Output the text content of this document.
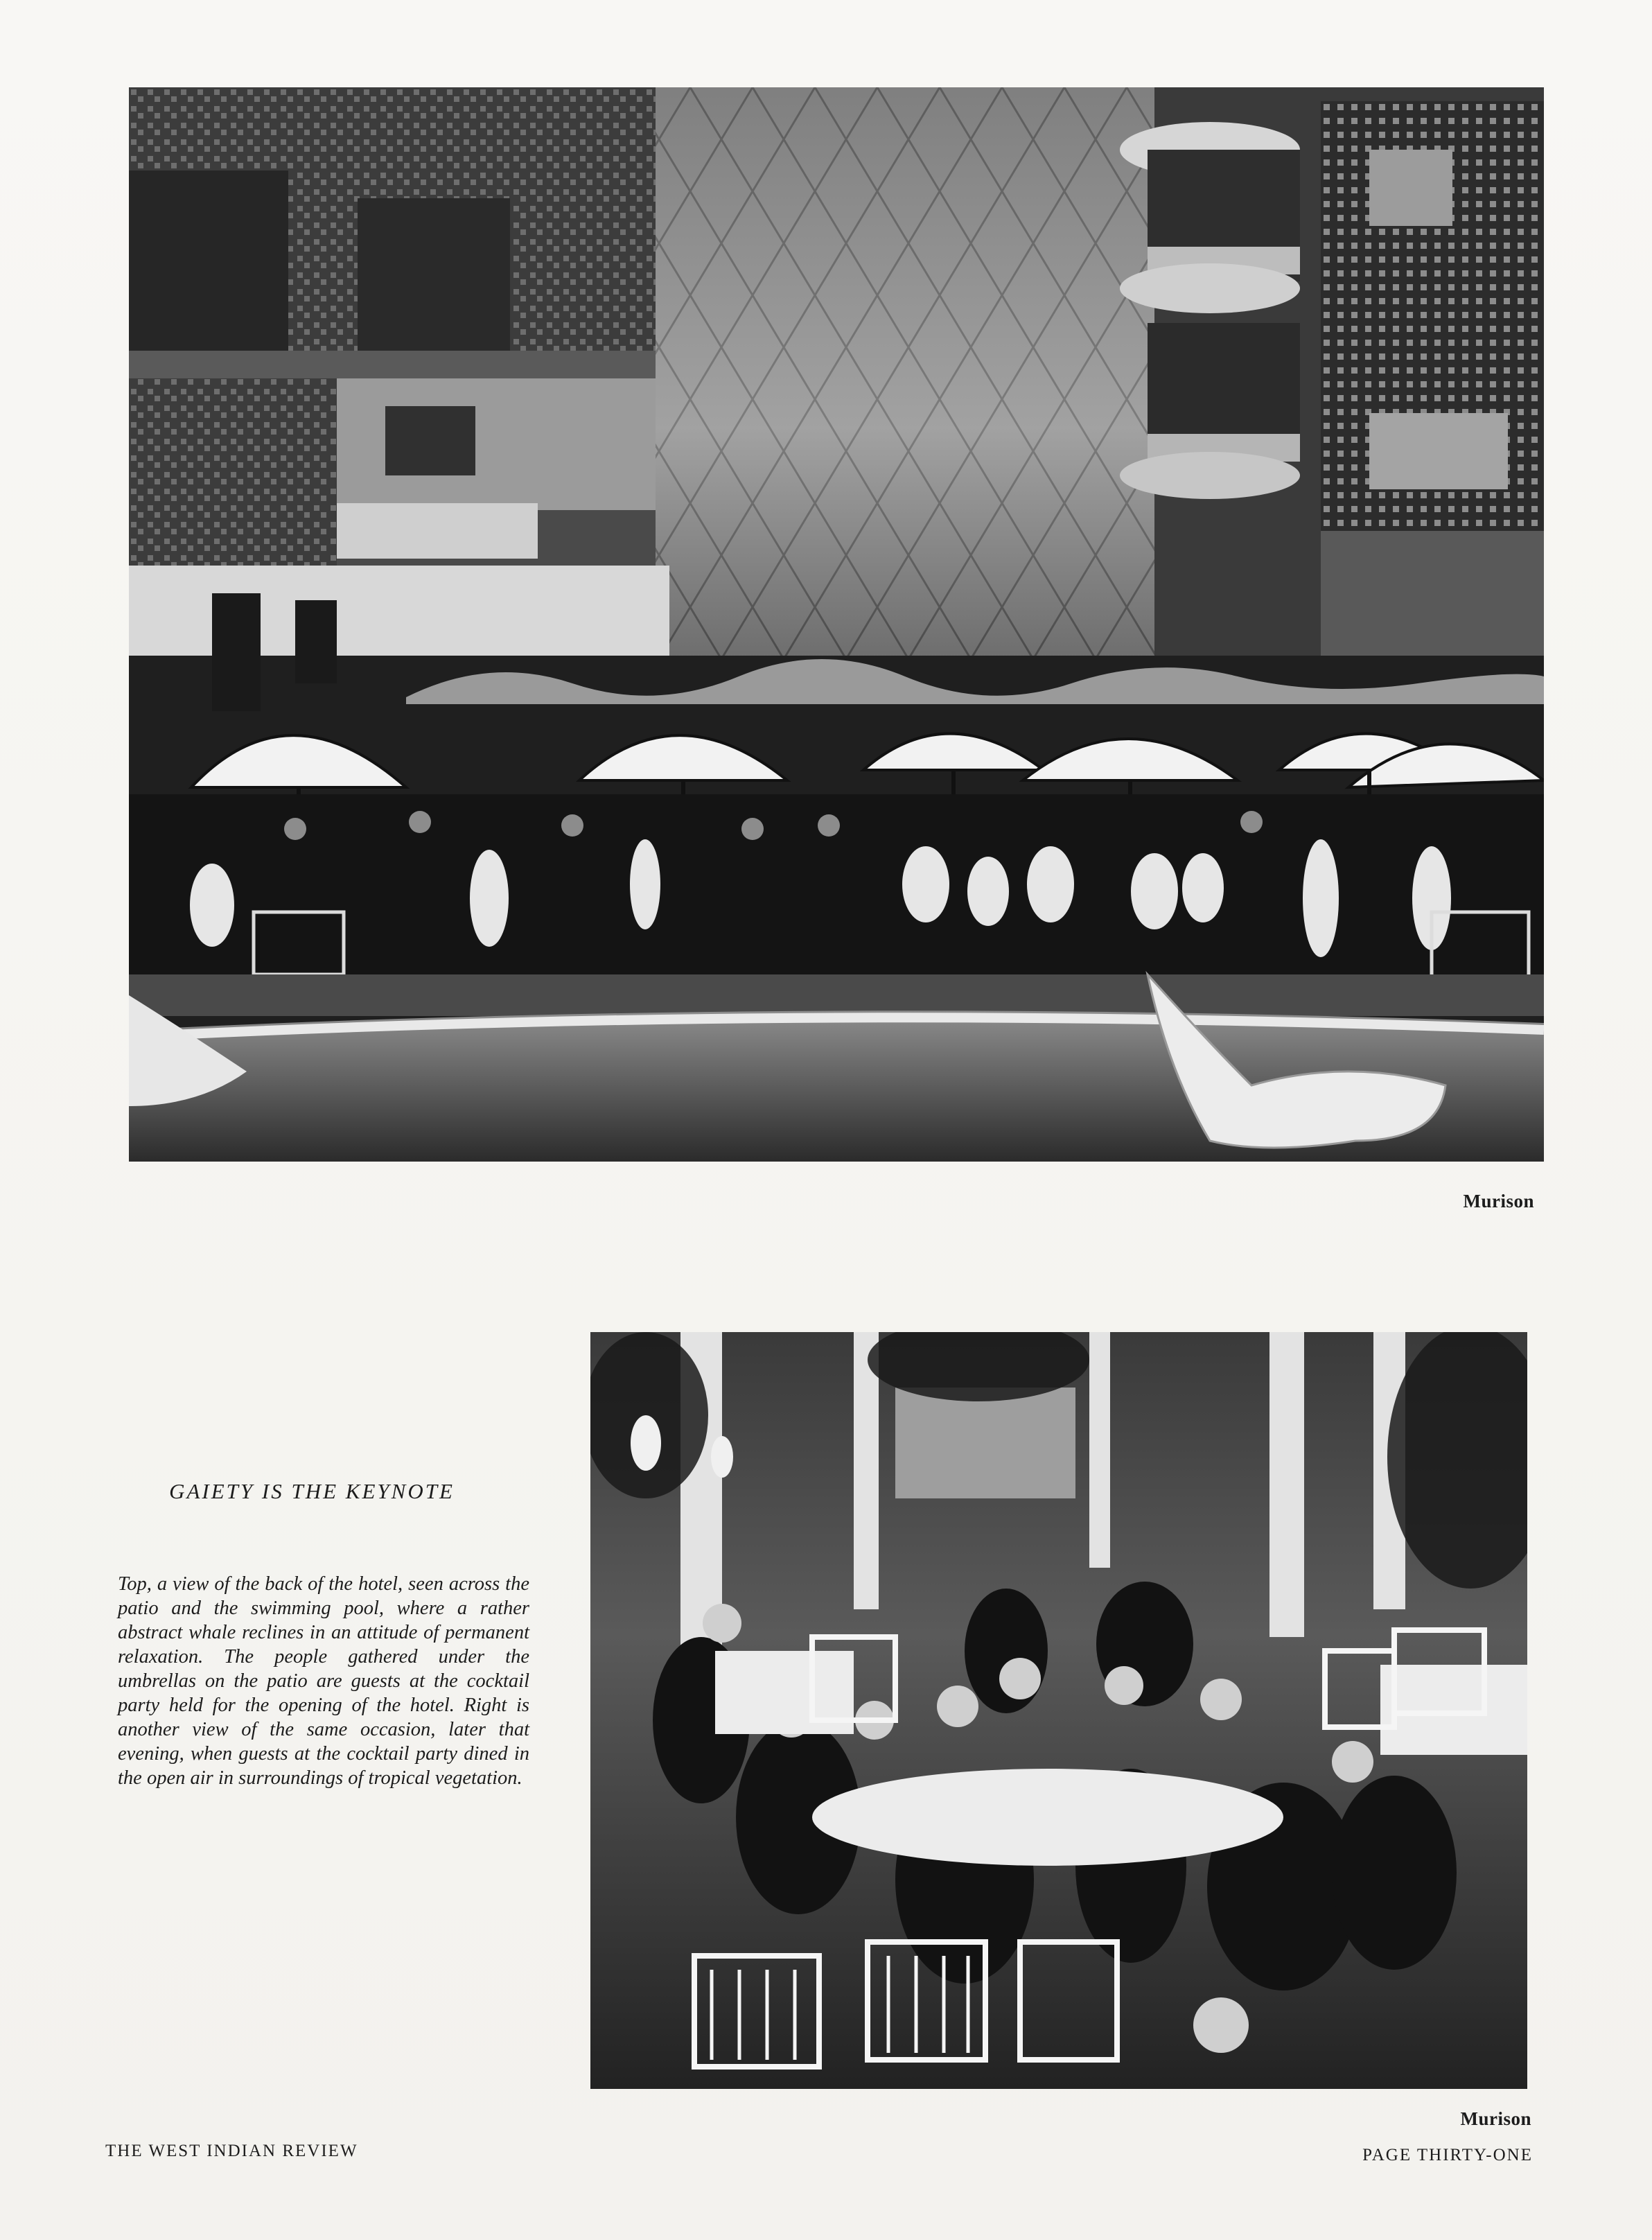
Murison
GAIETY IS THE KEYNOTE
Top, a view of the back of the hotel, seen across the patio and the swimming pool, where a rather abstract whale reclines in an attitude of permanent relaxation. The people gathered under the umbrellas on the patio are guests at the cocktail party held for the opening of the hotel. Right is another view of the same occasion, later that evening, when guests at the cocktail party dined in the open air in surroundings of tropical vegetation.
Murison
THE WEST INDIAN REVIEW	PAGE THIRTY-ONE
